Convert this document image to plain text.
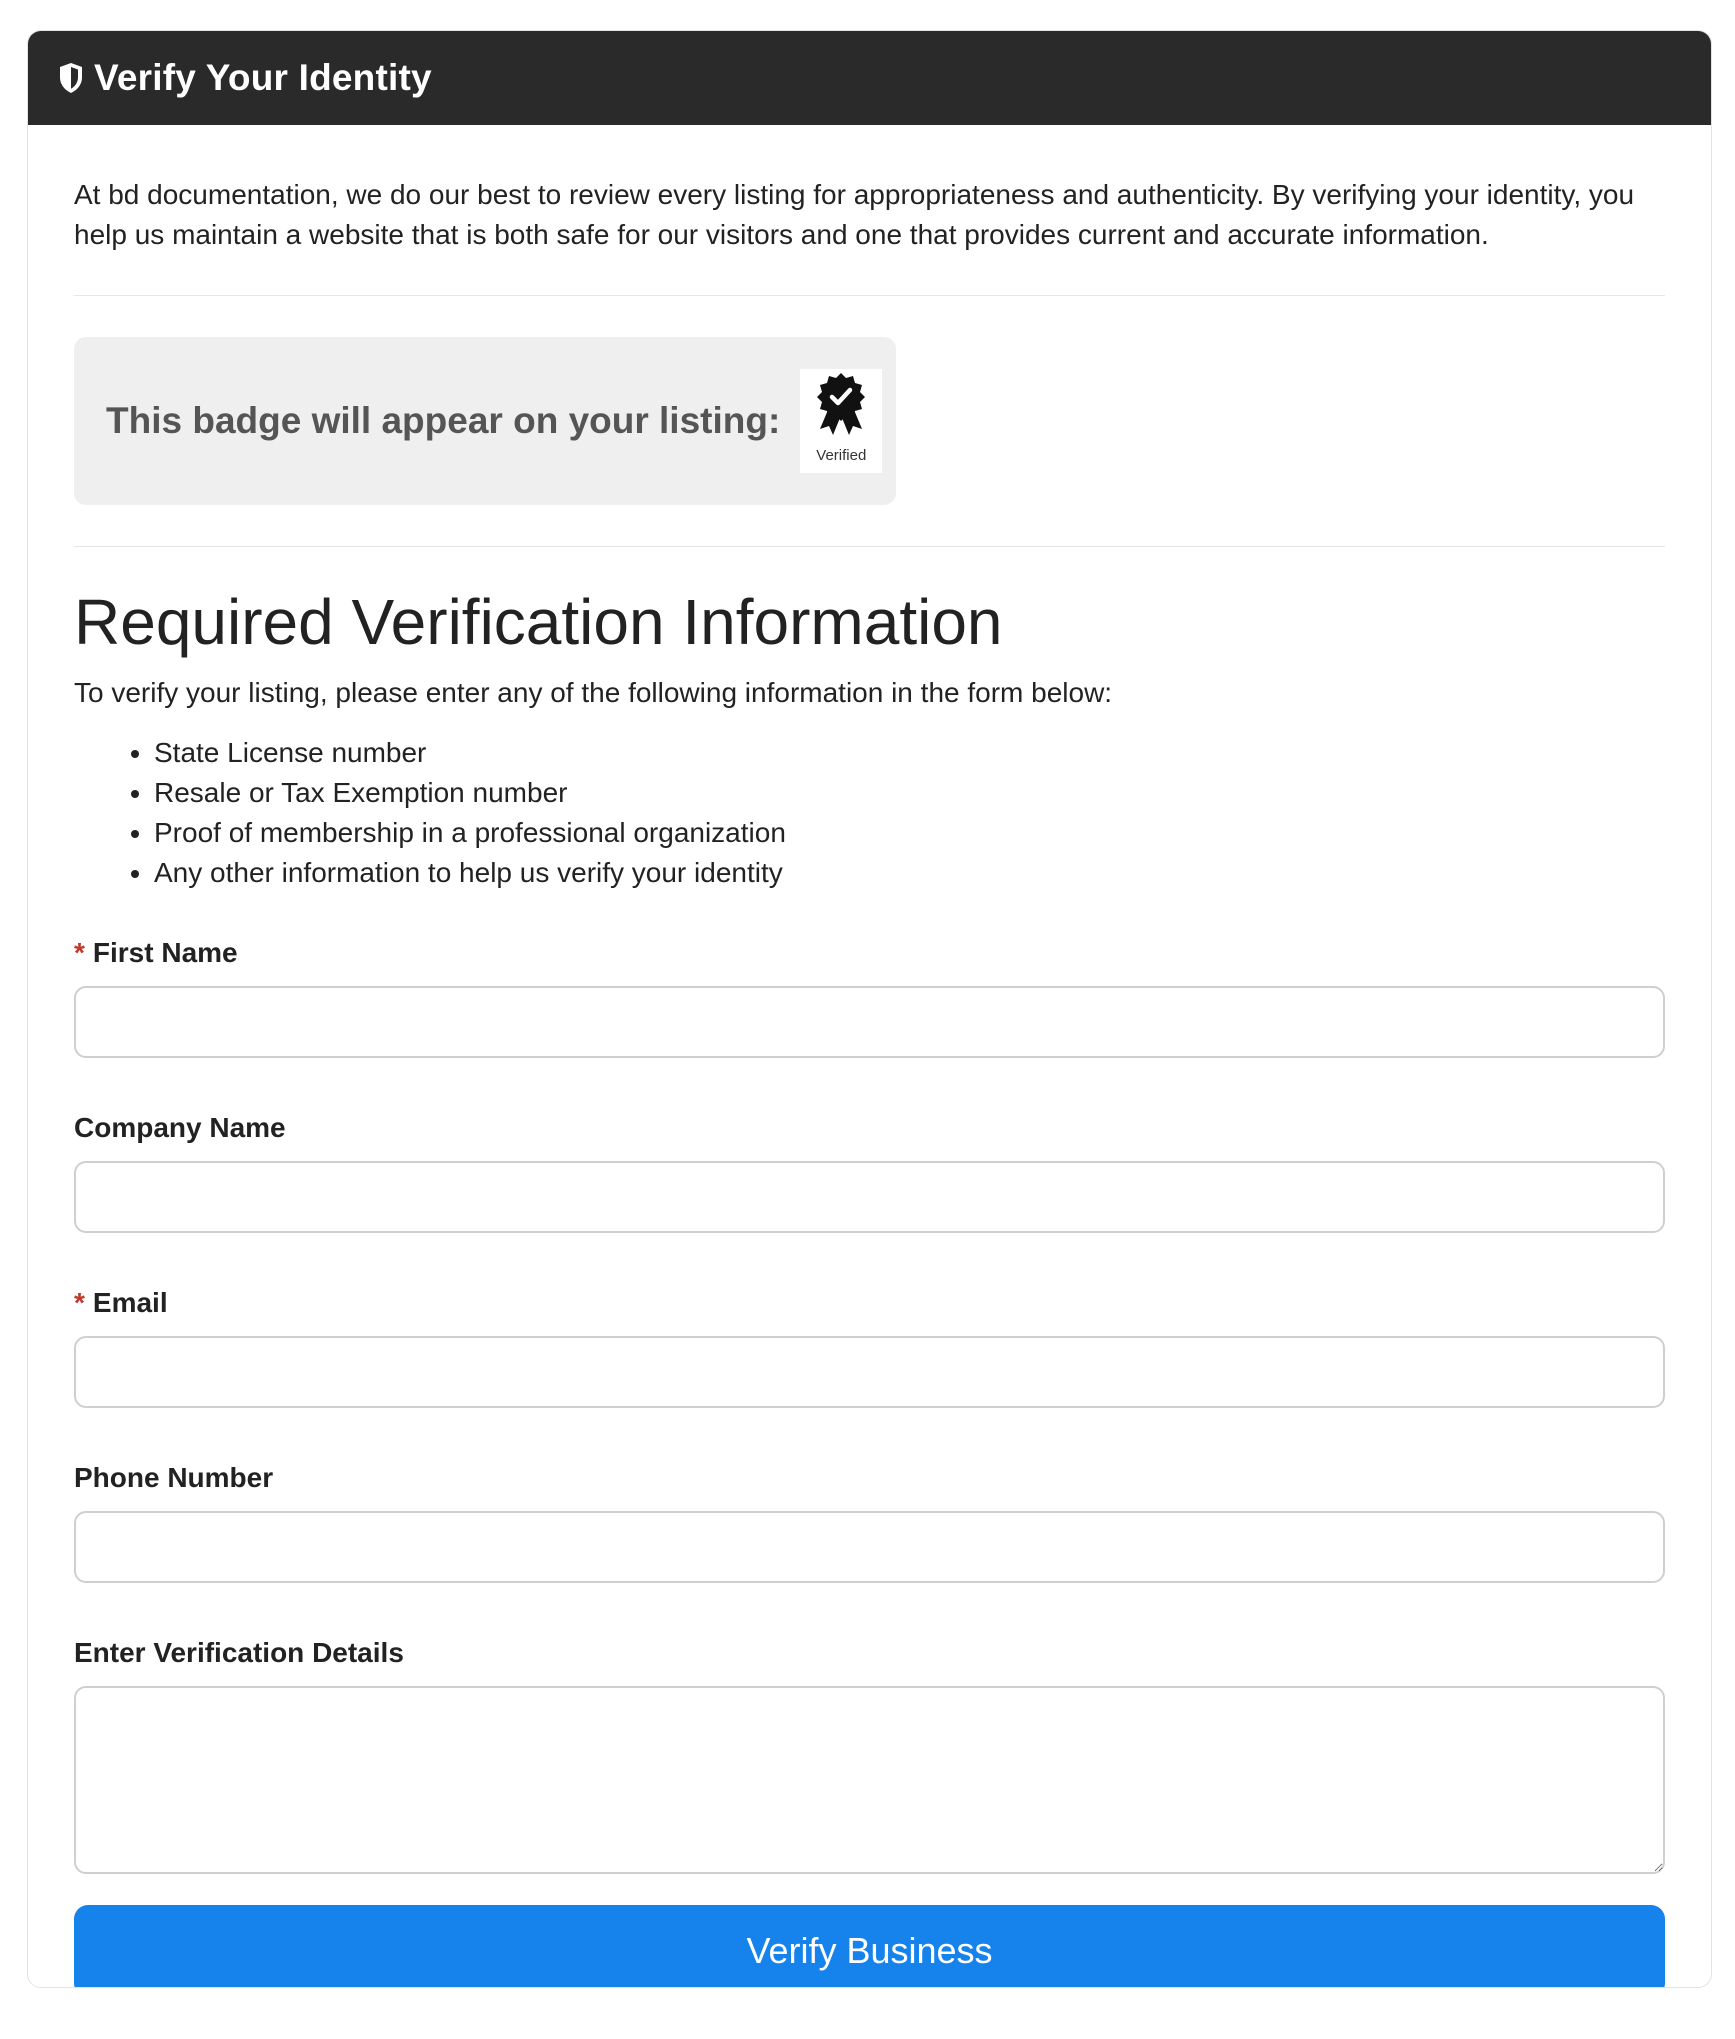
Verify Your Identity

At bd documentation, we do our best to review every listing for appropriateness and authenticity. By verifying your identity, you help us maintain a website that is both safe for our visitors and one that provides current and accurate information.

This badge will appear on your listing:
Verified
Required Verification Information

To verify your listing, please enter any of the following information in the form below:

• State License number
• Resale or Tax Exemption number
• Proof of membership in a professional organization
• Any other information to help us verify your identity
* First Name
Company Name
* Email
Phone Number
Enter Verification Details
Verify Business
